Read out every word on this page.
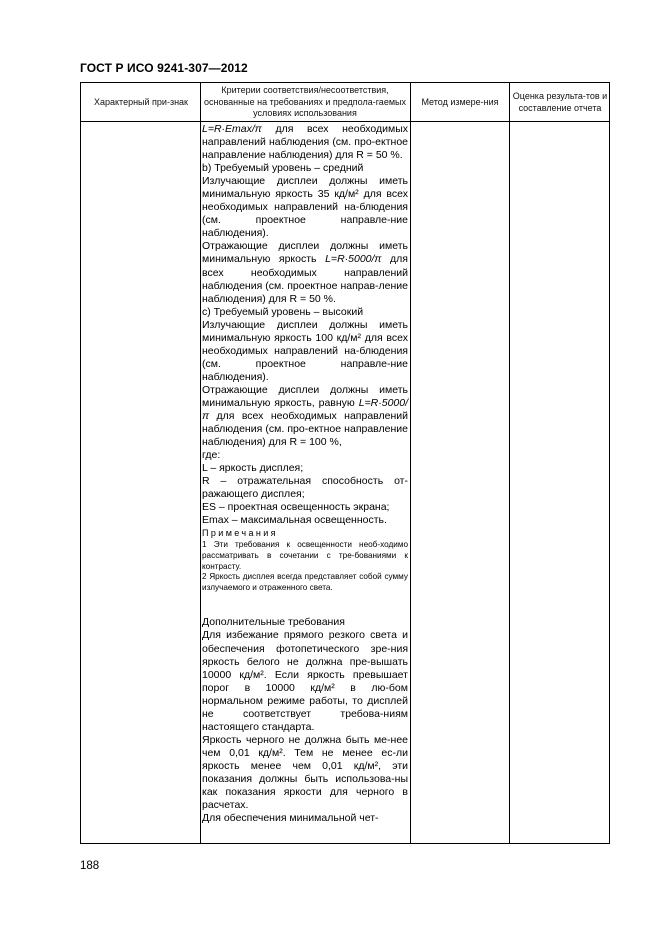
ГОСТ Р ИСО 9241-307—2012
Характерный при-знак
Критерии соответствия/несоответствия, основанные на требованиях и предпола-гаемых условиях использования
Метод измере-ния
Оценка результа-тов и составление отчета

L=R·Emax/π для всех необходимых направлений наблюдения (см. про-ектное направление наблюдения) для R = 50 %.

b) Требуемый уровень – средний

Излучающие дисплеи должны иметь минимальную яркость 35 кд/м² для всех необходимых направлений на-блюдения (см. проектное направле-ние наблюдения).

Отражающие дисплеи должны иметь минимальную яркость L=R·5000/π для всех необходимых направлений наблюдения (см. проектное направ-ление наблюдения) для R = 50 %.

c) Требуемый уровень – высокий

Излучающие дисплеи должны иметь минимальную яркость 100 кд/м² для всех необходимых направлений на-блюдения (см. проектное направле-ние наблюдения).

Отражающие дисплеи должны иметь минимальную яркость, равную L=R·5000/π для всех необходимых направлений наблюдения (см. про-ектное направление наблюдения) для R = 100 %,

где:

L – яркость дисплея;

R – отражательная способность от-ражающего дисплея;

ES – проектная освещенность экрана;

Emax – максимальная освещенность.

Примечания

1 Эти требования к освещенности необ-ходимо рассматривать в сочетании с тре-бованиями к контрасту.

2 Яркость дисплея всегда представляет собой сумму излучаемого и отраженного света.

Дополнительные требования

Для избежание прямого резкого света и обеспечения фотопетического зре-ния яркость белого не должна пре-вышать 10000 кд/м². Если яркость превышает порог в 10000 кд/м² в лю-бом нормальном режиме работы, то дисплей не соответствует требова-ниям настоящего стандарта.

Яркость черного не должна быть ме-нее чем 0,01 кд/м². Тем не менее ес-ли яркость менее чем 0,01 кд/м², эти показания должны быть использова-ны как показания яркости для черного в расчетах.

Для обеспечения минимальной чет-

188
